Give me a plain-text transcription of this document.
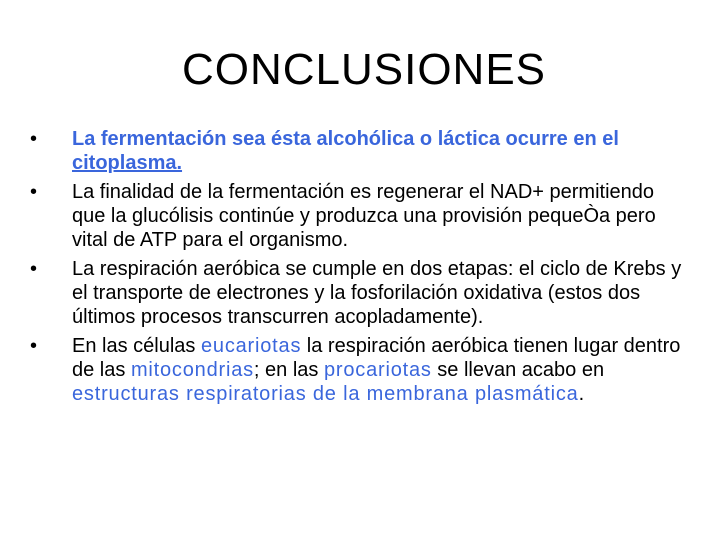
CONCLUSIONES
• La fermentación sea ésta alcohólica o láctica ocurre en el citoplasma.
• La finalidad de la fermentación es regenerar el NAD+ permitiendo que la glucólisis continúe y produzca una provisión pequeÒa pero vital de ATP para el organismo.
• La respiración aeróbica se cumple en dos etapas: el ciclo de Krebs y el transporte de electrones y la fosforilación oxidativa (estos dos últimos procesos transcurren acopladamente).
• En las células eucariotas la respiración aeróbica tienen lugar dentro de las mitocondrias; en las procariotas se llevan acabo en estructuras respiratorias de la membrana plasmática.
